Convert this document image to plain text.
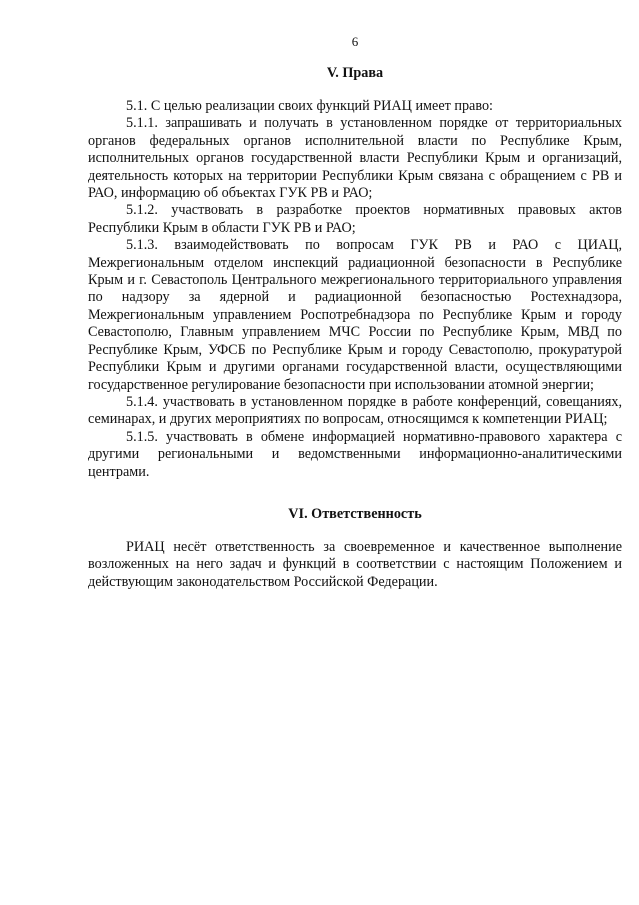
6
V. Права

5.1. С целью реализации своих функций РИАЦ имеет право:

5.1.1. запрашивать и получать в установленном порядке от территориальных органов федеральных органов исполнительной власти по Республике Крым, исполнительных органов государственной власти Республики Крым и организаций, деятельность которых на территории Республики Крым связана с обращением с РВ и РАО, информацию об объектах ГУК РВ и РАО;

5.1.2. участвовать в разработке проектов нормативных правовых актов Республики Крым в области ГУК РВ и РАО;

5.1.3. взаимодействовать по вопросам ГУК РВ и РАО с ЦИАЦ, Межрегиональным отделом инспекций радиационной безопасности в Республике Крым и г. Севастополь Центрального межрегионального территориального управления по надзору за ядерной и радиационной безопасностью Ростехнадзора, Межрегиональным управлением Роспотребнадзора по Республике Крым и городу Севастополю, Главным управлением МЧС России по Республике Крым, МВД по Республике Крым, УФСБ по Республике Крым и городу Севастополю, прокуратурой Республики Крым и другими органами государственной власти, осуществляющими государственное регулирование безопасности при использовании атомной энергии;

5.1.4. участвовать в установленном порядке в работе конференций, совещаниях, семинарах, и других мероприятиях по вопросам, относящимся к компетенции РИАЦ;

5.1.5. участвовать в обмене информацией нормативно-правового характера с другими региональными и ведомственными информационно-аналитическими центрами.

VI. Ответственность

РИАЦ несёт ответственность за своевременное и качественное выполнение возложенных на него задач и функций в соответствии с настоящим Положением и действующим законодательством Российской Федерации.
